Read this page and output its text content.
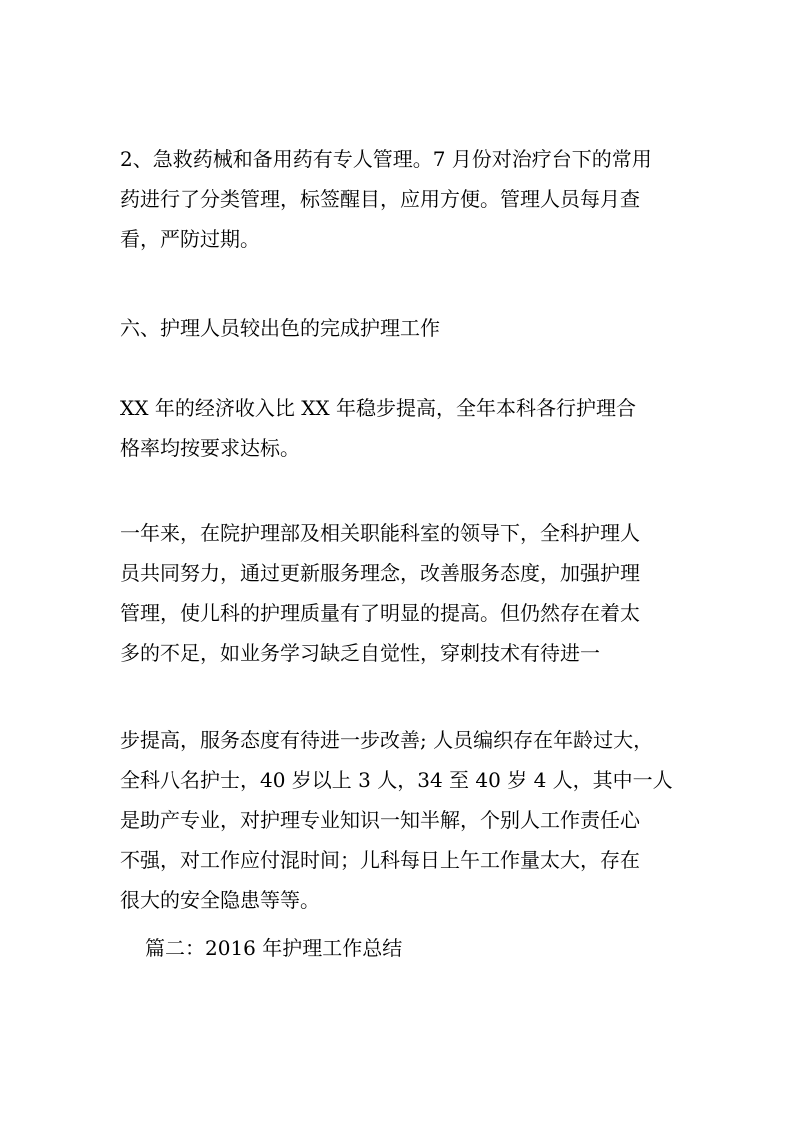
2、急救药械和备用药有专人管理。7 月份对治疗台下的常用
药进行了分类管理，标签醒目，应用方便。管理人员每月查
看，严防过期。
六、护理人员较出色的完成护理工作
XX 年的经济收入比 XX 年稳步提高，全年本科各行护理合
格率均按要求达标。
一年来，在院护理部及相关职能科室的领导下，全科护理人
员共同努力，通过更新服务理念，改善服务态度，加强护理
管理，使儿科的护理质量有了明显的提高。但仍然存在着太
多的不足，如业务学习缺乏自觉性，穿刺技术有待进一
步提高，服务态度有待进一步改善; 人员编织存在年龄过大，
全科八名护士，40 岁以上 3 人，34 至 40 岁 4 人，其中一人
是助产专业，对护理专业知识一知半解，个别人工作责任心
不强，对工作应付混时间；儿科每日上午工作量太大，存在
很大的安全隐患等等。
篇二：2016 年护理工作总结
